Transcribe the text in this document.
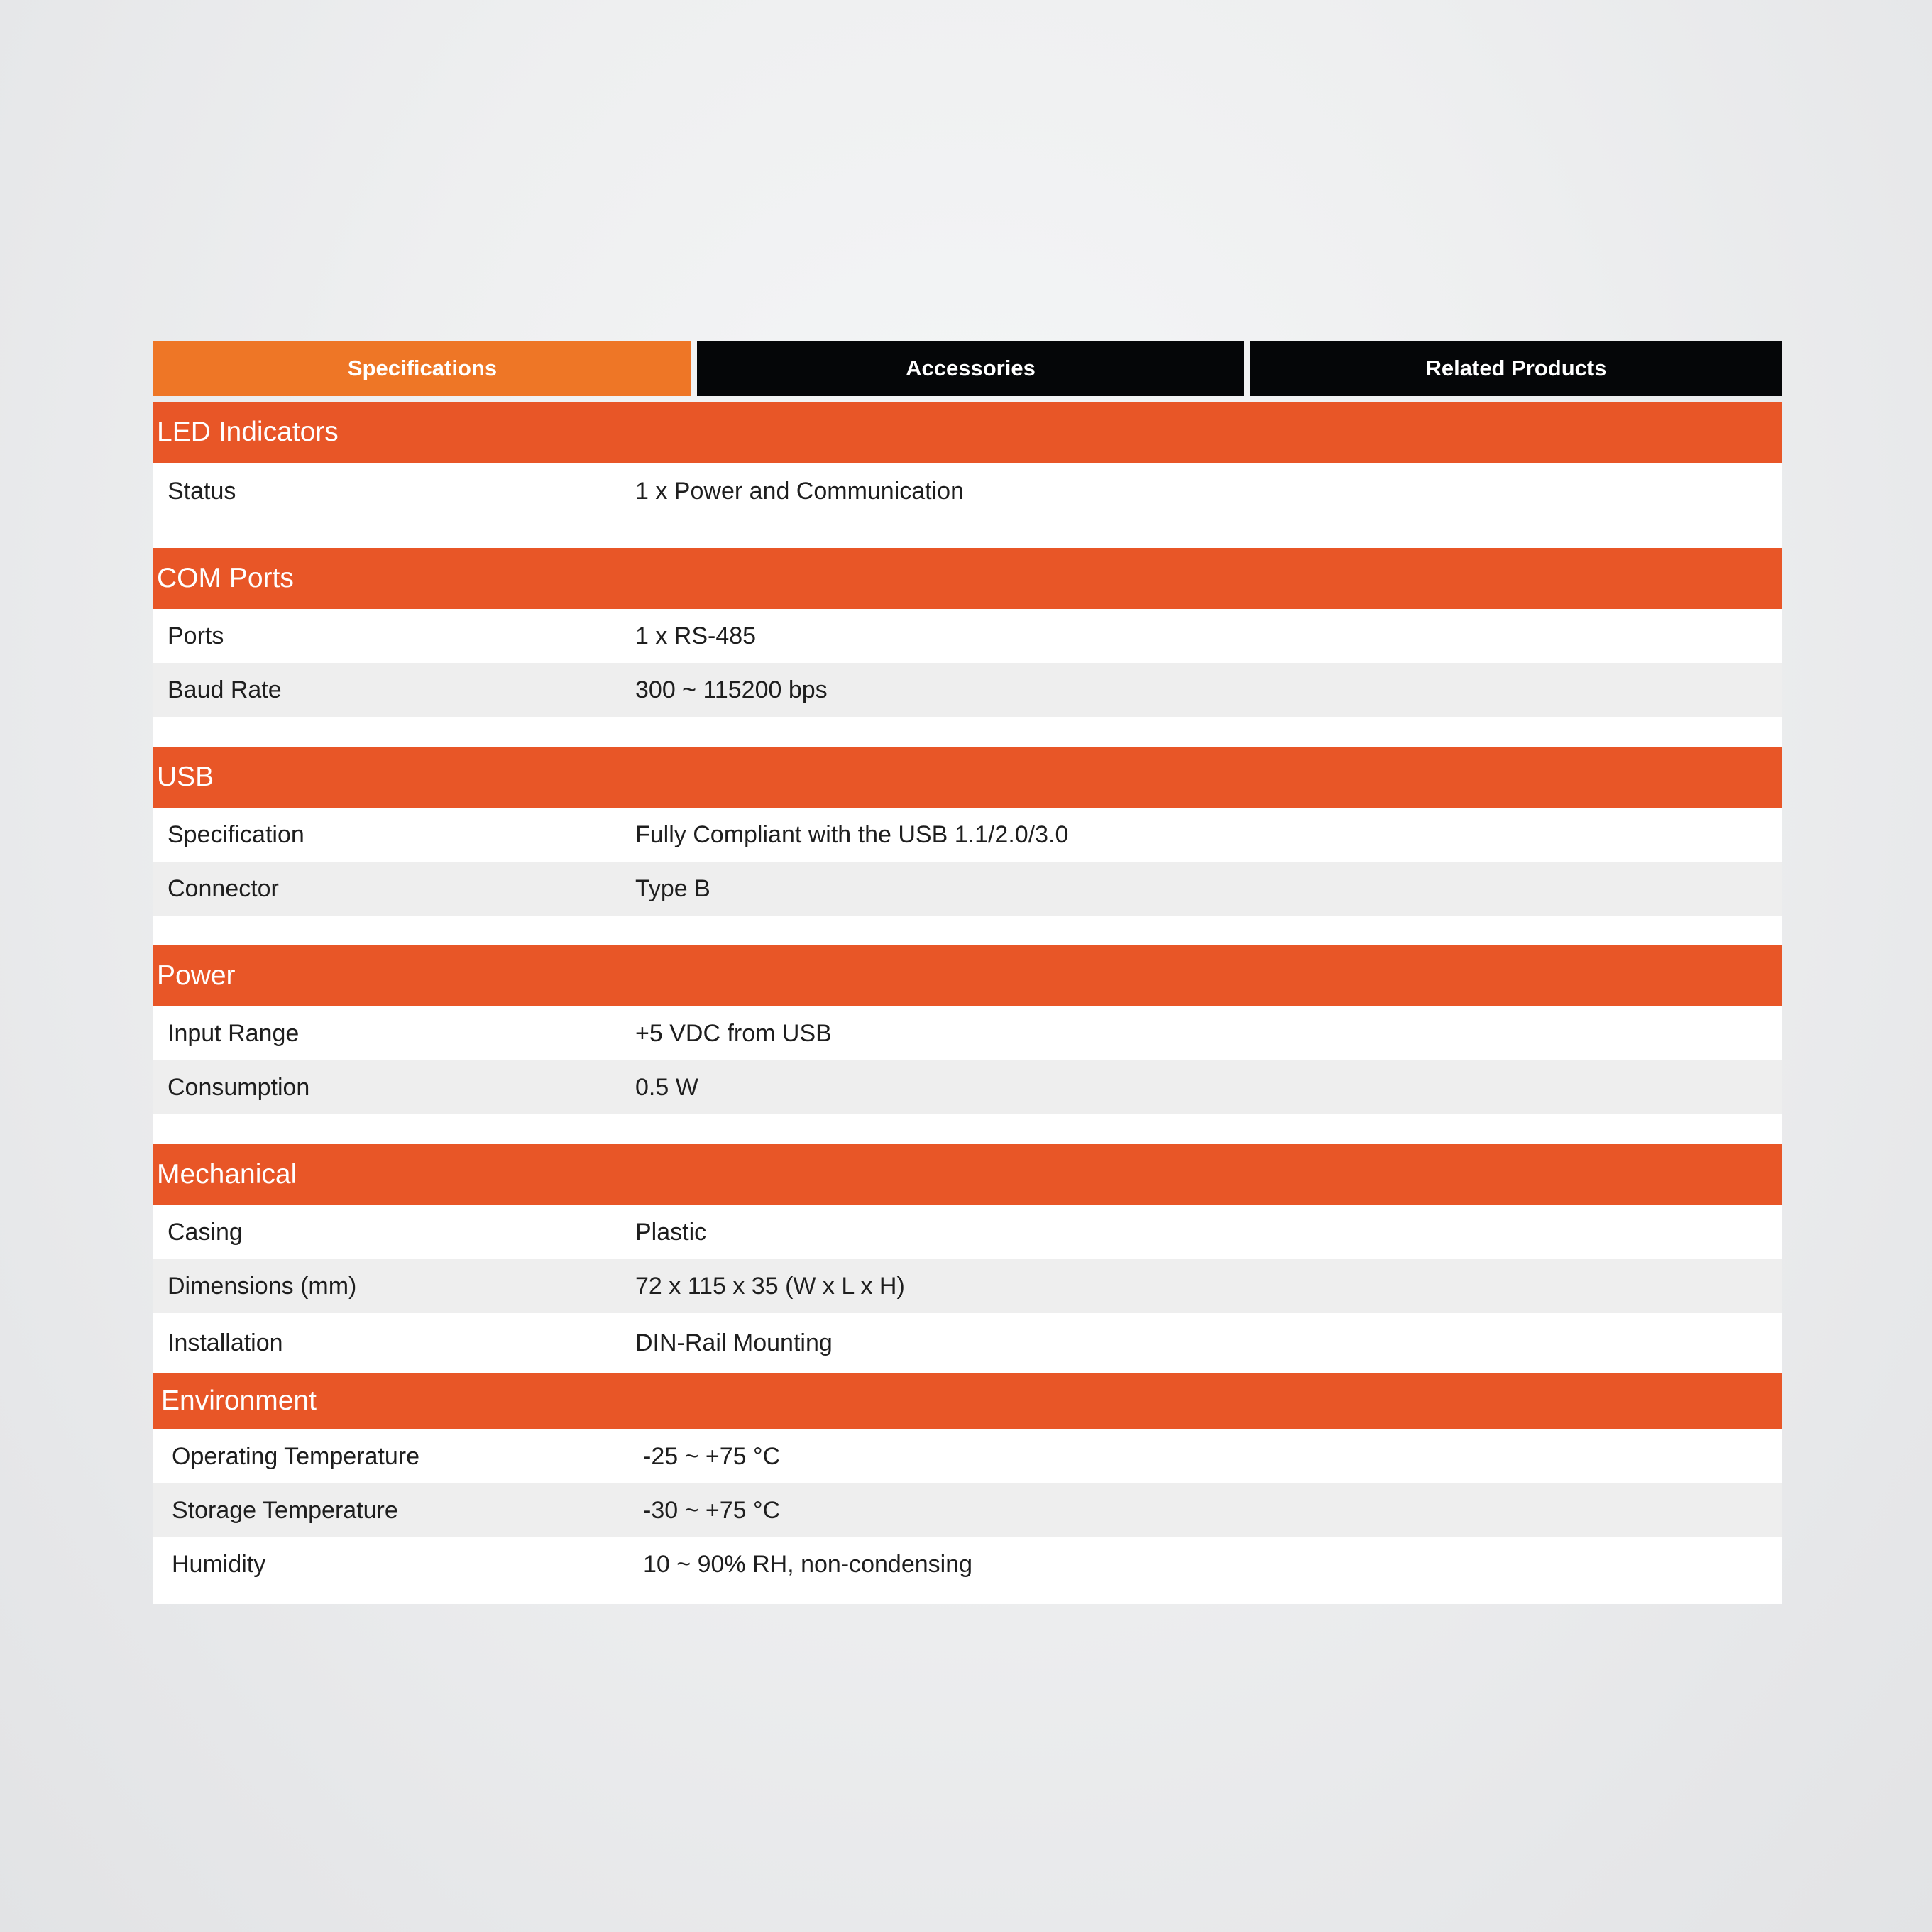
Specifications	Accessories	Related Products
LED Indicators
Status	1 x Power and Communication
COM Ports
Ports	1 x RS-485
Baud Rate	300 ~ 115200 bps
USB
Specification	Fully Compliant with the USB 1.1/2.0/3.0
Connector	Type B
Power
Input Range	+5 VDC from USB
Consumption	0.5 W
Mechanical
Casing	Plastic
Dimensions (mm)	72 x 115 x 35 (W x L x H)
Installation	DIN-Rail Mounting
Environment
Operating Temperature	-25 ~ +75 °C
Storage Temperature	-30 ~ +75 °C
Humidity	10 ~ 90% RH, non-condensing
